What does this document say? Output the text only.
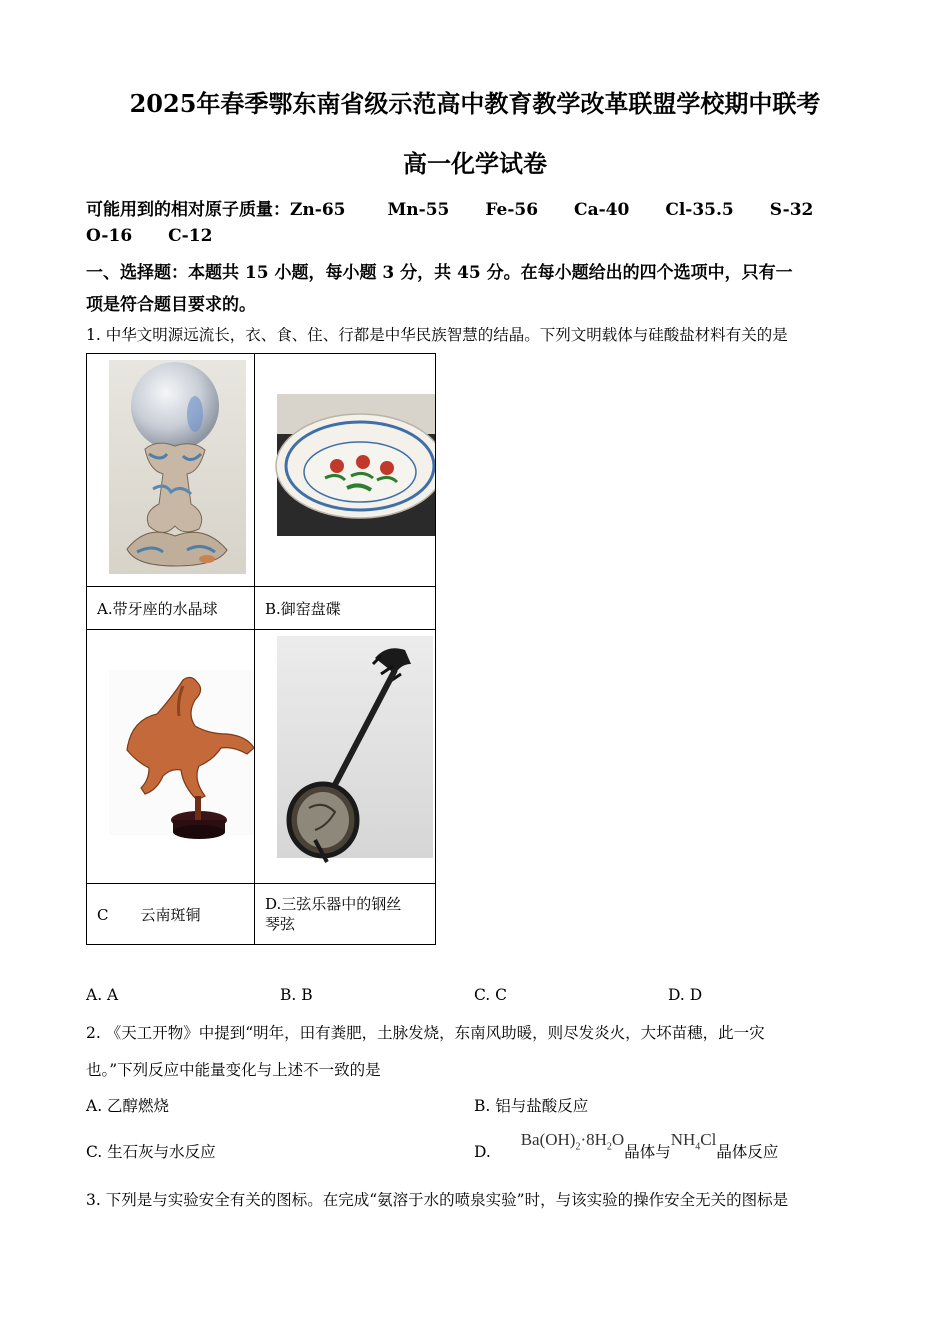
2025年春季鄂东南省级示范高中教育教学改革联盟学校期中联考
高一化学试卷
可能用到的相对原子质量：Zn-65 Mn-55 Fe-56 Ca-40 Cl-35.5 S-32
O-16 C-12
一、选择题：本题共 15 小题，每小题 3 分，共 45 分。在每小题给出的四个选项中，只有一
项是符合题目要求的。
1. 中华文明源远流长，衣、食、住、行都是中华民族智慧的结晶。下列文明载体与硅酸盐材料有关的是

A.带牙座的水晶球	B.御窑盘碟

C 云南斑铜	D.三弦乐器中的钢丝
琴弦
A. A	B. B	C. C	D. D
2. 《天工开物》中提到“明年，田有粪肥，土脉发烧，东南风助暖，则尽发炎火，大坏苗穗，此一灾
也。”下列反应中能量变化与上述不一致的是
A. 乙醇燃烧	B. 铝与盐酸反应
C. 生石灰与水反应	D.  $Ba(OH)_2\cdot 8H_2O$晶体与$NH_4Cl$晶体反应
3. 下列是与实验安全有关的图标。在完成“氨溶于水的喷泉实验”时，与该实验的操作安全无关的图标是
